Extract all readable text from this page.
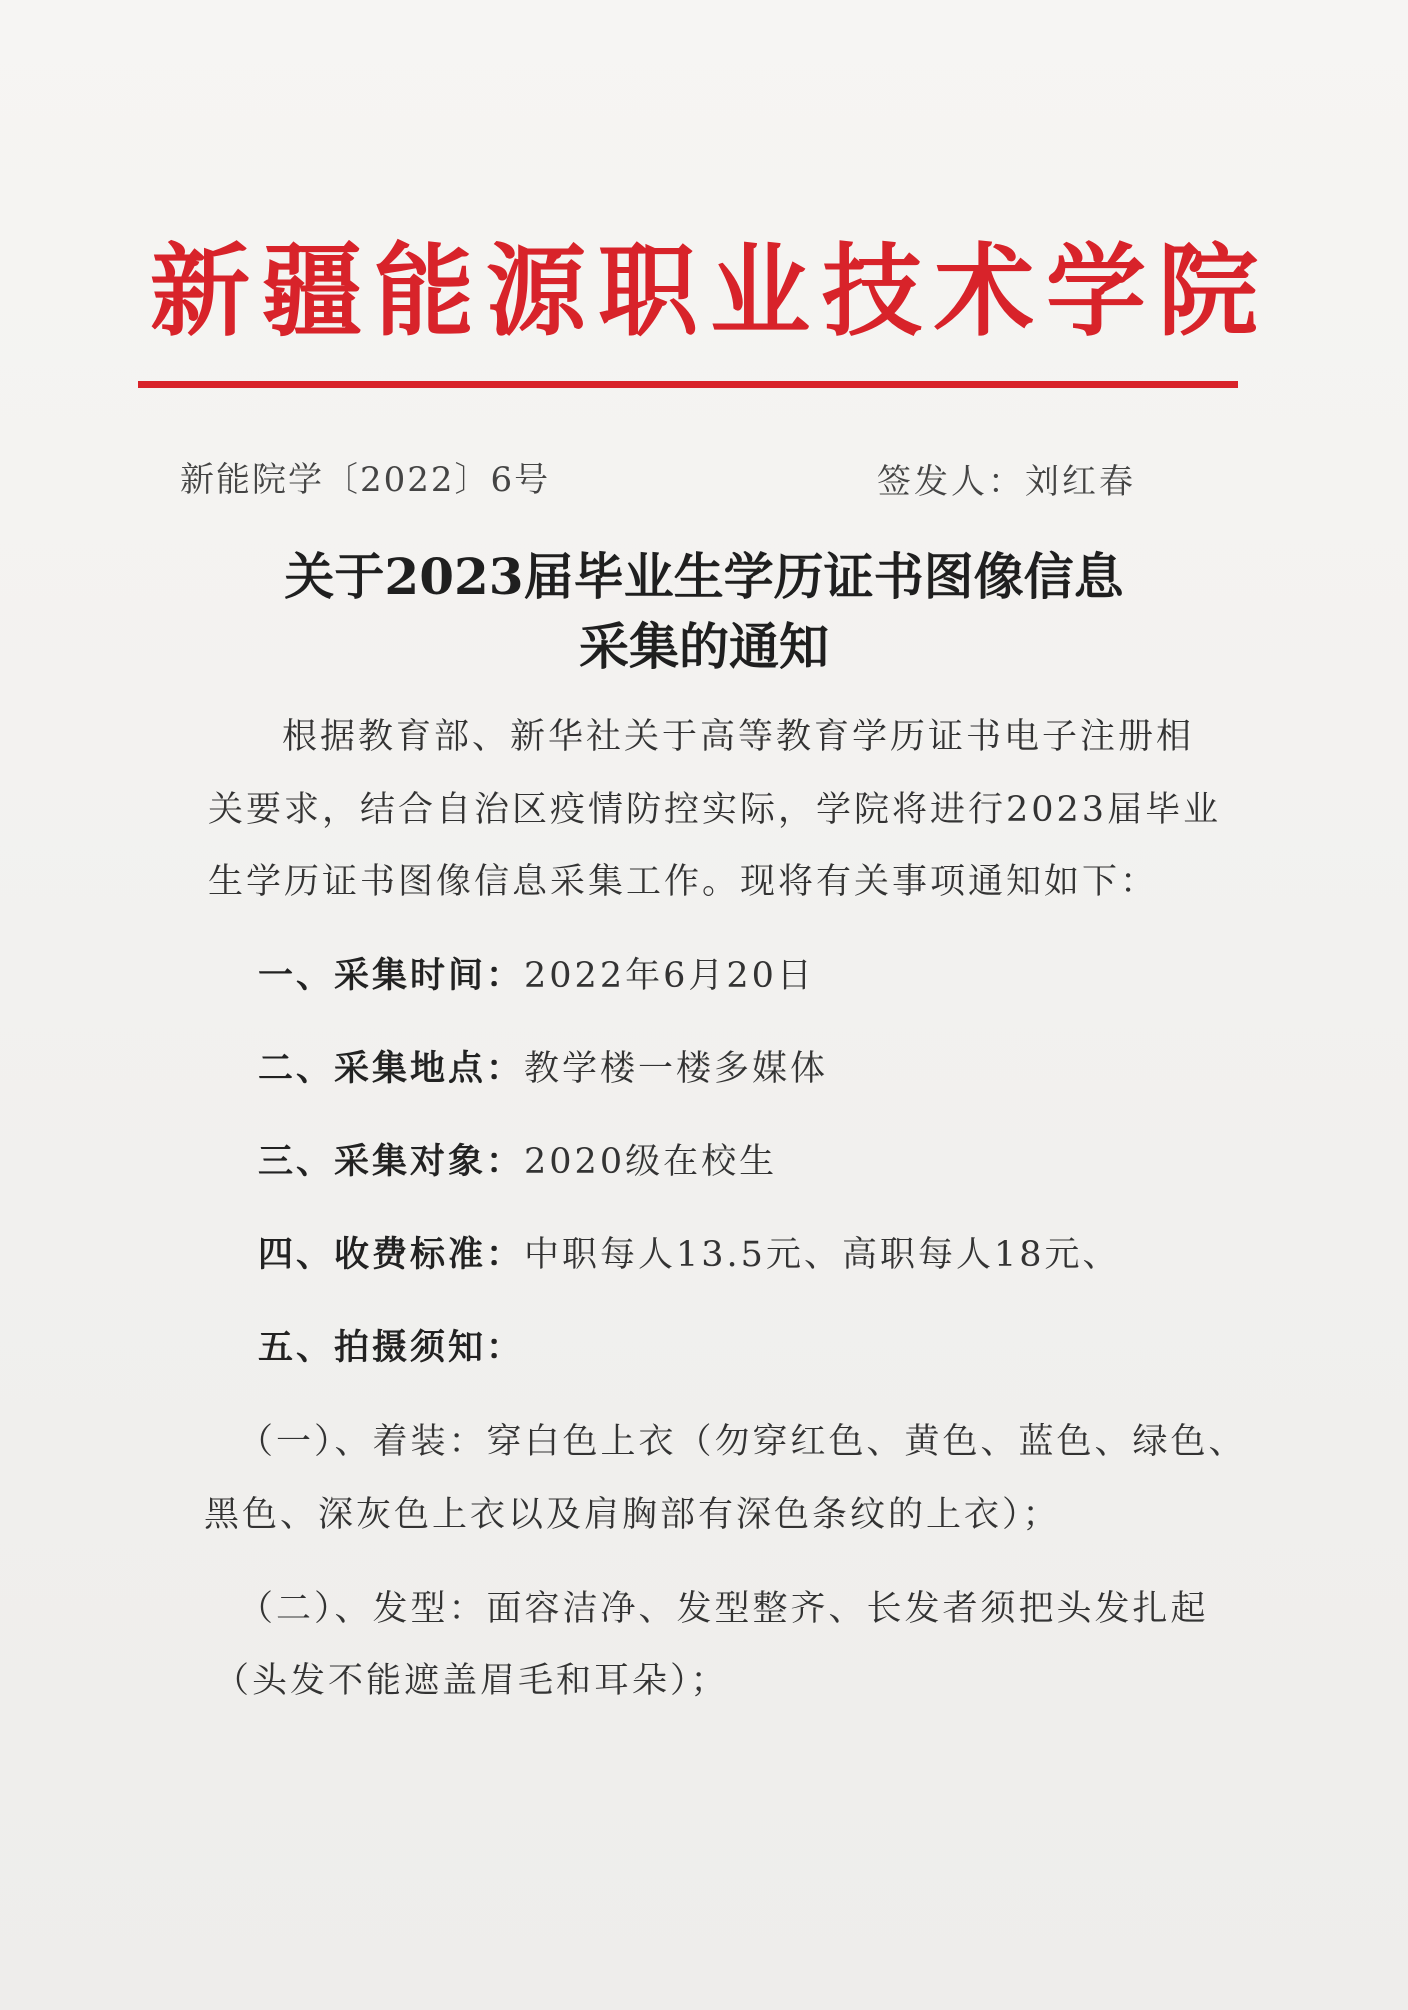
新疆能源职业技术学院
新能院学〔2022〕6号	签发人：刘红春
关于2023届毕业生学历证书图像信息
采集的通知
根据教育部、新华社关于高等教育学历证书电子注册相
关要求，结合自治区疫情防控实际，学院将进行2023届毕业
生学历证书图像信息采集工作。现将有关事项通知如下：
一、采集时间：2022年6月20日
二、采集地点：教学楼一楼多媒体
三、采集对象：2020级在校生
四、收费标准：中职每人13.5元、高职每人18元、
五、拍摄须知：
（一）、着装：穿白色上衣（勿穿红色、黄色、蓝色、绿色、
黑色、深灰色上衣以及肩胸部有深色条纹的上衣）；
（二）、发型：面容洁净、发型整齐、长发者须把头发扎起
（头发不能遮盖眉毛和耳朵）；
